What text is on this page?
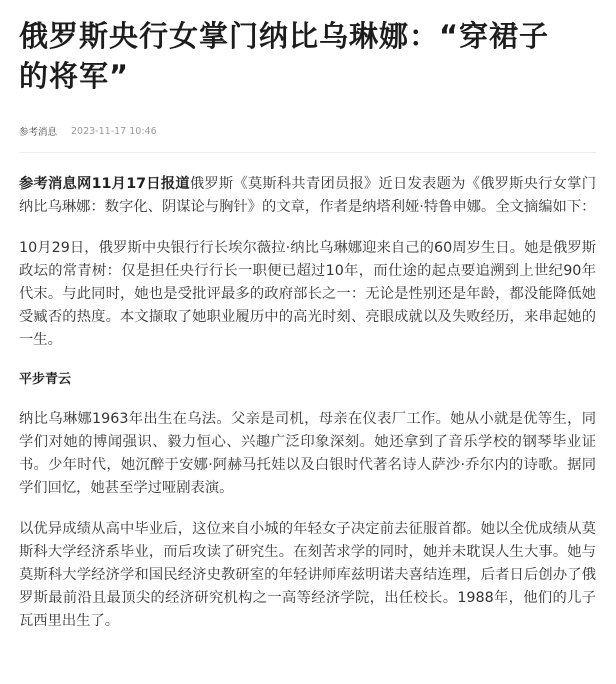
俄罗斯央行女掌门纳比乌琳娜：“穿裙子的将军”
参考消息 2023-11-17 10:46

参考消息网11月17日报道俄罗斯《莫斯科共青团员报》近日发表题为《俄罗斯央行女掌门纳比乌琳娜：数字化、阴谋论与胸针》的文章，作者是纳塔利娅·特鲁申娜。全文摘编如下：

10月29日，俄罗斯中央银行行长埃尔薇拉·纳比乌琳娜迎来自己的60周岁生日。她是俄罗斯政坛的常青树：仅是担任央行行长一职便已超过10年，而仕途的起点要追溯到上世纪90年代末。与此同时，她也是受批评最多的政府部长之一：无论是性别还是年龄，都没能降低她受臧否的热度。本文撷取了她职业履历中的高光时刻、亮眼成就以及失败经历，来串起她的一生。

平步青云

纳比乌琳娜1963年出生在乌法。父亲是司机，母亲在仪表厂工作。她从小就是优等生，同学们对她的博闻强识、毅力恒心、兴趣广泛印象深刻。她还拿到了音乐学校的钢琴毕业证书。少年时代，她沉醉于安娜·阿赫马托娃以及白银时代著名诗人萨沙·乔尔内的诗歌。据同学们回忆，她甚至学过哑剧表演。

以优异成绩从高中毕业后，这位来自小城的年轻女子决定前去征服首都。她以全优成绩从莫斯科大学经济系毕业，而后攻读了研究生。在刻苦求学的同时，她并未耽误人生大事。她与莫斯科大学经济学和国民经济史教研室的年轻讲师库兹明诺夫喜结连理，后者日后创办了俄罗斯最前沿且最顶尖的经济研究机构之一高等经济学院，出任校长。1988年，他们的儿子瓦西里出生了。
